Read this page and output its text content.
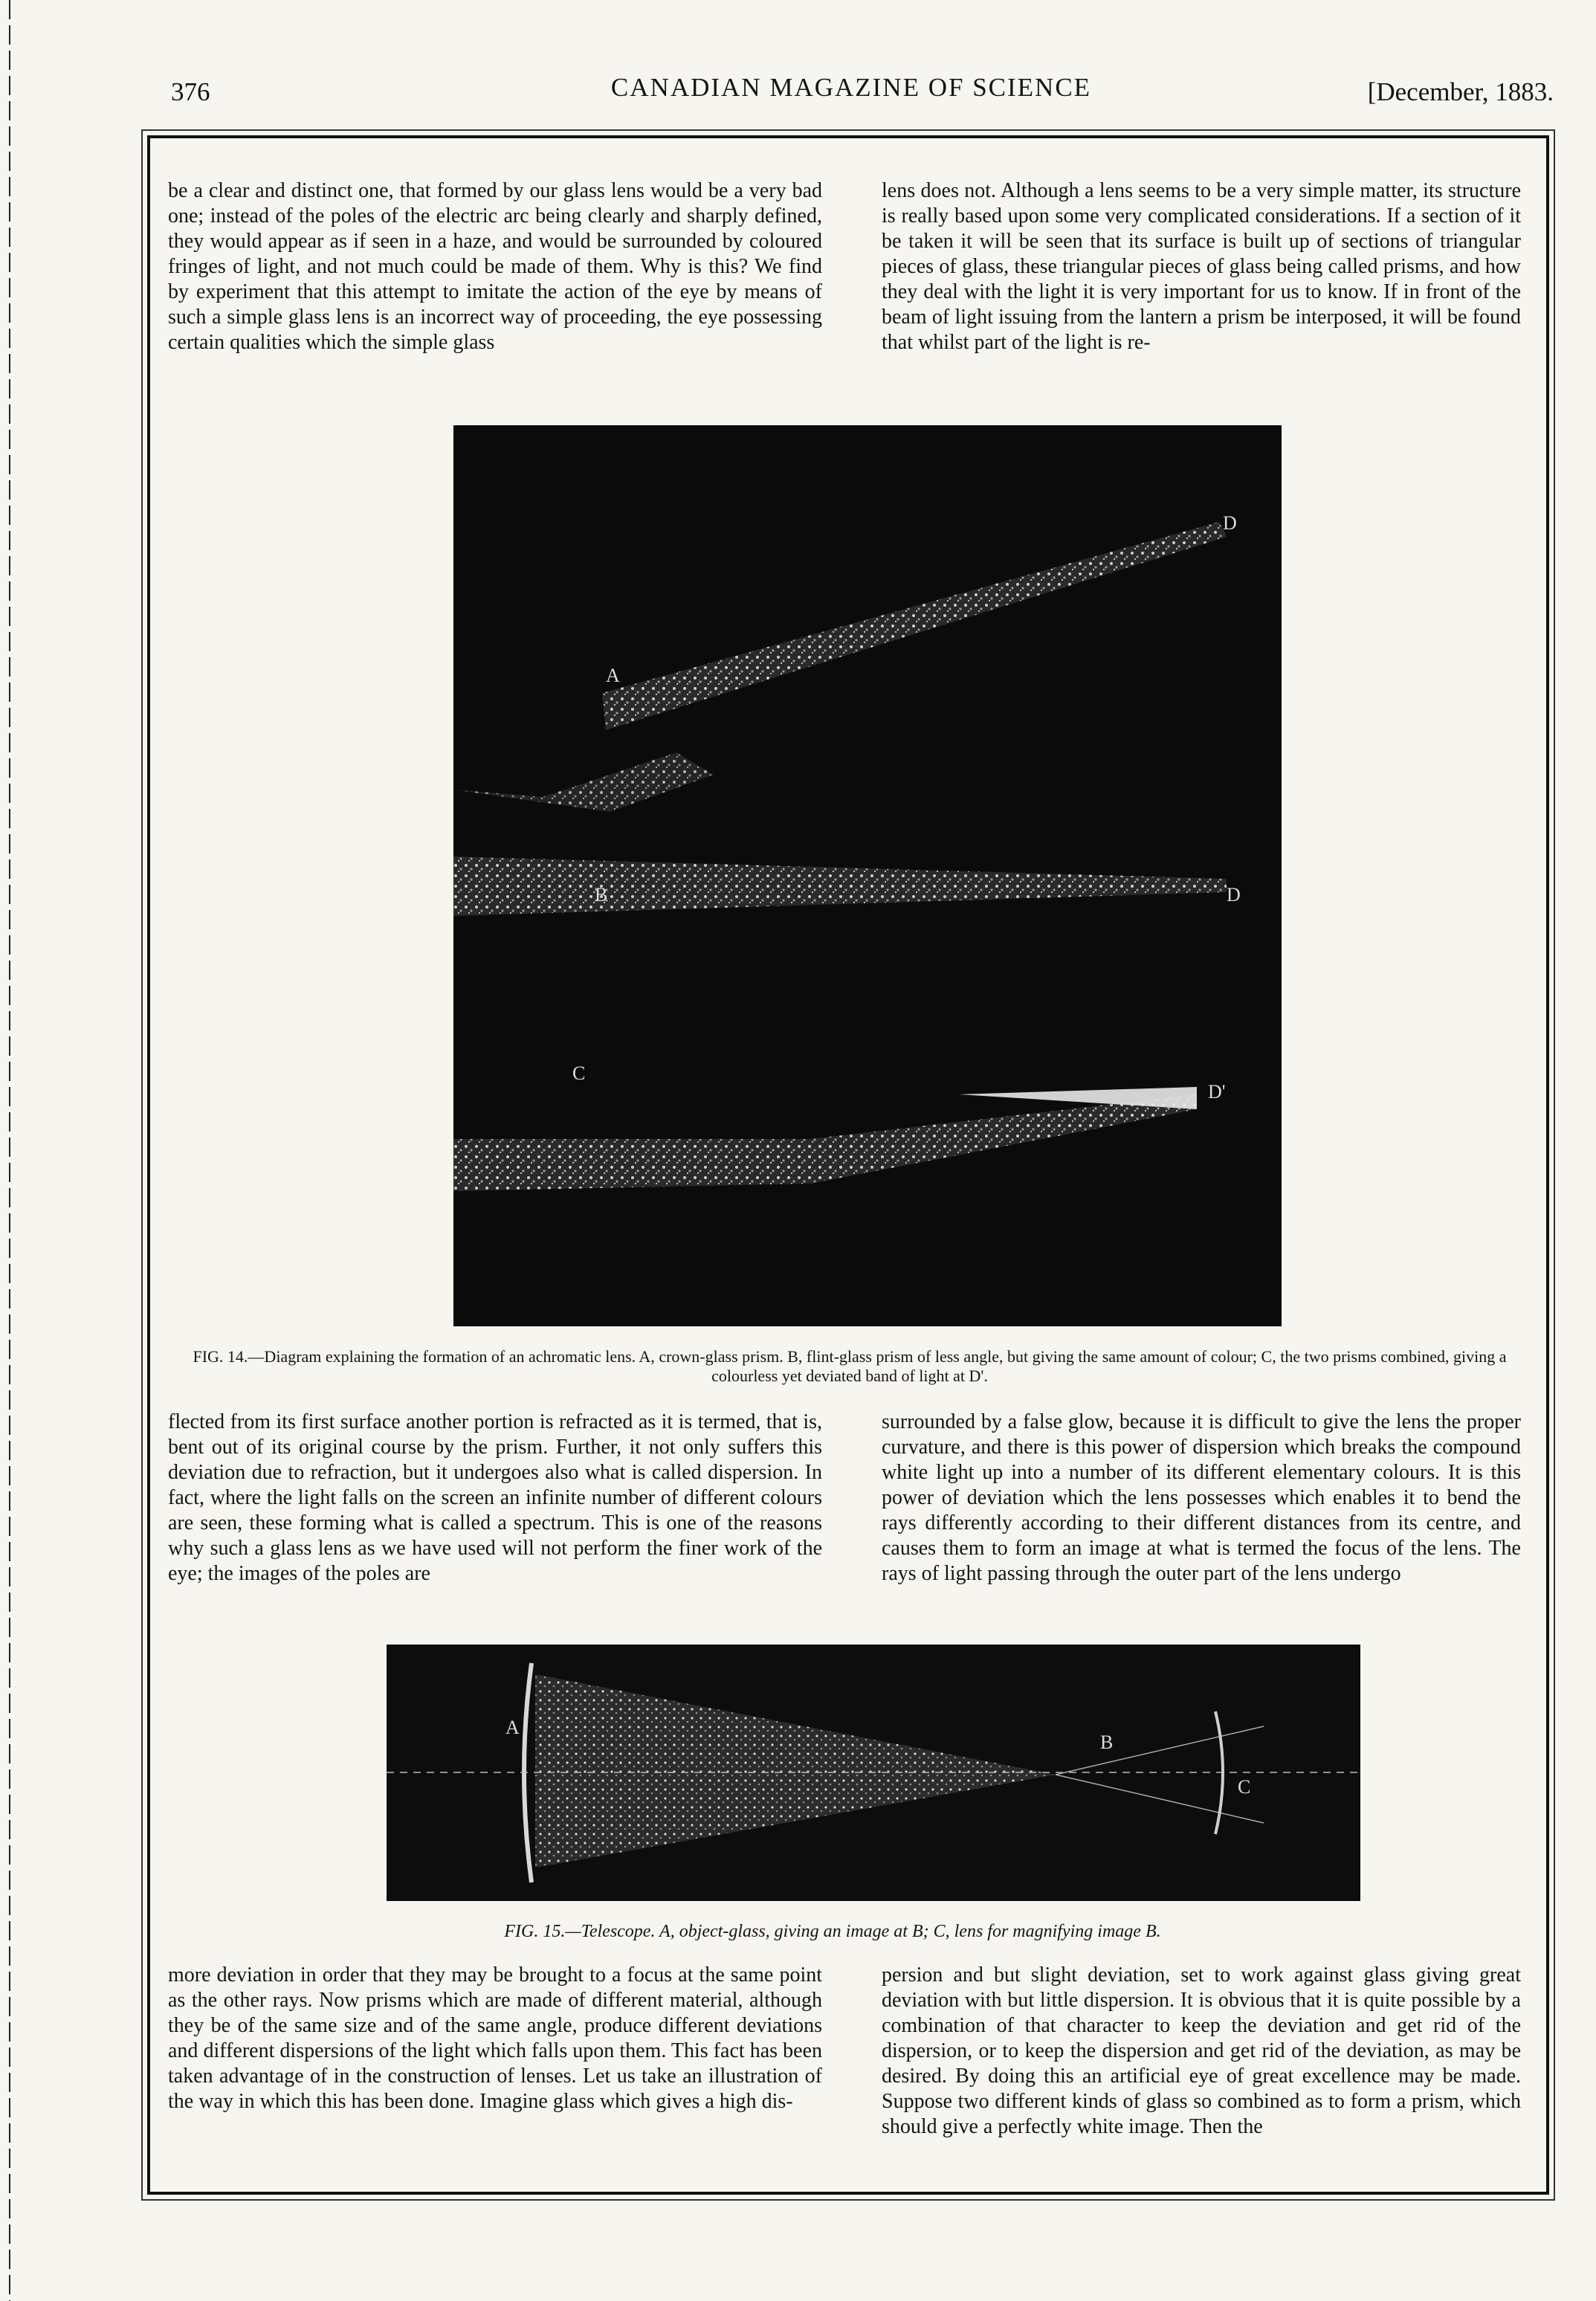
376	CANADIAN MAGAZINE OF SCIENCE	[December, 1883.

be a clear and distinct one, that formed by our glass lens would be a very bad one; instead of the poles of the electric arc being clearly and sharply defined, they would appear as if seen in a haze, and would be surrounded by coloured fringes of light, and not much could be made of them. Why is this? We find by experiment that this attempt to imitate the action of the eye by means of such a simple glass lens is an incorrect way of proceeding, the eye possessing certain qualities which the simple glass

lens does not. Although a lens seems to be a very simple matter, its structure is really based upon some very complicated considerations. If a section of it be taken it will be seen that its surface is built up of sections of triangular pieces of glass, these triangular pieces of glass being called prisms, and how they deal with the light it is very important for us to know. If in front of the beam of light issuing from the lantern a prism be interposed, it will be found that whilst part of the light is re-

D
A
B	D
C
D'
FIG. 14.—Diagram explaining the formation of an achromatic lens. A, crown-glass prism. B, flint-glass prism of less angle, but giving the same amount of colour; C, the two prisms combined, giving a colourless yet deviated band of light at D'.

flected from its first surface another portion is refracted as it is termed, that is, bent out of its original course by the prism. Further, it not only suffers this deviation due to refraction, but it undergoes also what is called dispersion. In fact, where the light falls on the screen an infinite number of different colours are seen, these forming what is called a spectrum. This is one of the reasons why such a glass lens as we have used will not perform the finer work of the eye; the images of the poles are

surrounded by a false glow, because it is difficult to give the lens the proper curvature, and there is this power of dispersion which breaks the compound white light up into a number of its different elementary colours. It is this power of deviation which the lens possesses which enables it to bend the rays differently according to their different distances from its centre, and causes them to form an image at what is termed the focus of the lens. The rays of light passing through the outer part of the lens undergo

A
B
C
FIG. 15.—Telescope. A, object-glass, giving an image at B; C, lens for magnifying image B.

more deviation in order that they may be brought to a focus at the same point as the other rays. Now prisms which are made of different material, although they be of the same size and of the same angle, produce different deviations and different dispersions of the light which falls upon them. This fact has been taken advantage of in the construction of lenses. Let us take an illustration of the way in which this has been done. Imagine glass which gives a high dis-

persion and but slight deviation, set to work against glass giving great deviation with but little dispersion. It is obvious that it is quite possible by a combination of that character to keep the deviation and get rid of the dispersion, or to keep the dispersion and get rid of the deviation, as may be desired. By doing this an artificial eye of great excellence may be made. Suppose two different kinds of glass so combined as to form a prism, which should give a perfectly white image. Then the
